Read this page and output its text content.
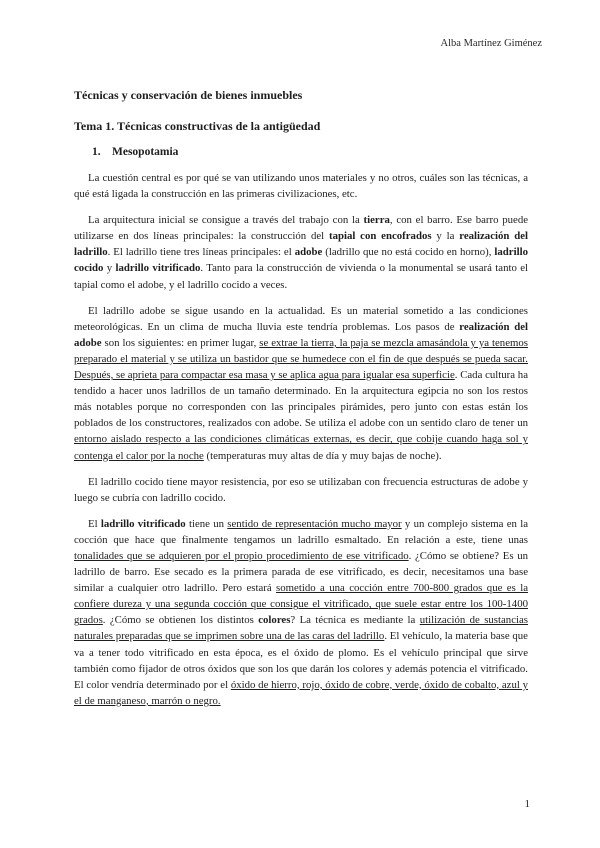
Alba Martínez Giménez
Técnicas y conservación de bienes inmuebles
Tema 1. Técnicas constructivas de la antigüedad
1. Mesopotamia

La cuestión central es por qué se van utilizando unos materiales y no otros, cuáles son las técnicas, a qué está ligada la construcción en las primeras civilizaciones, etc.

La arquitectura inicial se consigue a través del trabajo con la tierra, con el barro. Ese barro puede utilizarse en dos líneas principales: la construcción del tapial con encofrados y la realización del ladrillo. El ladrillo tiene tres líneas principales: el adobe (ladrillo que no está cocido en horno), ladrillo cocido y ladrillo vitrificado. Tanto para la construcción de vivienda o la monumental se usará tanto el tapial como el adobe, y el ladrillo cocido a veces.

El ladrillo adobe se sigue usando en la actualidad. Es un material sometido a las condiciones meteorológicas. En un clima de mucha lluvia este tendría problemas. Los pasos de realización del adobe son los siguientes: en primer lugar, se extrae la tierra, la paja se mezcla amasándola y ya tenemos preparado el material y se utiliza un bastidor que se humedece con el fin de que después se pueda sacar. Después, se aprieta para compactar esa masa y se aplica agua para igualar esa superficie. Cada cultura ha tendido a hacer unos ladrillos de un tamaño determinado. En la arquitectura egipcia no son los restos más notables porque no corresponden con las principales pirámides, pero junto con estas están los poblados de los constructores, realizados con adobe. Se utiliza el adobe con un sentido claro de tener un entorno aislado respecto a las condiciones climáticas externas, es decir, que cobije cuando haga sol y contenga el calor por la noche (temperaturas muy altas de día y muy bajas de noche).

El ladrillo cocido tiene mayor resistencia, por eso se utilizaban con frecuencia estructuras de adobe y luego se cubría con ladrillo cocido.

El ladrillo vitrificado tiene un sentido de representación mucho mayor y un complejo sistema en la cocción que hace que finalmente tengamos un ladrillo esmaltado. En relación a este, tiene unas tonalidades que se adquieren por el propio procedimiento de ese vitrificado. ¿Cómo se obtiene? Es un ladrillo de barro. Ese secado es la primera parada de ese vitrificado, es decir, necesitamos una base similar a cualquier otro ladrillo. Pero estará sometido a una cocción entre 700-800 grados que es la confiere dureza y una segunda cocción que consigue el vitrificado, que suele estar entre los 100-1400 grados. ¿Cómo se obtienen los distintos colores? La técnica es mediante la utilización de sustancias naturales preparadas que se imprimen sobre una de las caras del ladrillo. El vehículo, la materia base que va a tener todo vitrificado en esta época, es el óxido de plomo. Es el vehículo principal que sirve también como fijador de otros óxidos que son los que darán los colores y además potencia el vitrificado. El color vendría determinado por el óxido de hierro, rojo, óxido de cobre, verde, óxido de cobalto, azul y el de manganeso, marrón o negro.

1
